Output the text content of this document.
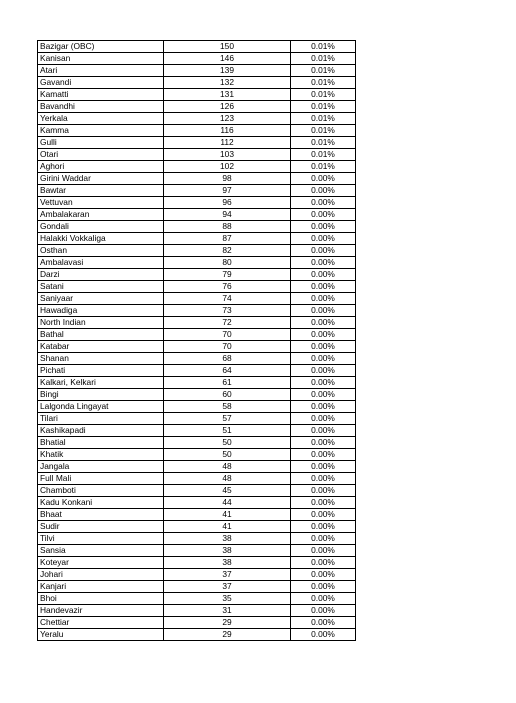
Bazigar (OBC)	150	0.01%
Kanisan	146	0.01%
Atari	139	0.01%
Gavandi	132	0.01%
Kamatti	131	0.01%
Bavandhi	126	0.01%
Yerkala	123	0.01%
Kamma	116	0.01%
Gulli	112	0.01%
Otari	103	0.01%
Aghori	102	0.01%
Girini Waddar	98	0.00%
Bawtar	97	0.00%
Vettuvan	96	0.00%
Ambalakaran	94	0.00%
Gondali	88	0.00%
Halakki Vokkaliga	87	0.00%
Osthan	82	0.00%
Ambalavasi	80	0.00%
Darzi	79	0.00%
Satani	76	0.00%
Saniyaar	74	0.00%
Hawadiga	73	0.00%
North Indian	72	0.00%
Bathal	70	0.00%
Katabar	70	0.00%
Shanan	68	0.00%
Pichati	64	0.00%
Kalkari, Kelkari	61	0.00%
Bingi	60	0.00%
Lalgonda Lingayat	58	0.00%
Tilari	57	0.00%
Kashikapadi	51	0.00%
Bhatial	50	0.00%
Khatik	50	0.00%
Jangala	48	0.00%
Full Mali	48	0.00%
Chamboti	45	0.00%
Kadu Konkani	44	0.00%
Bhaat	41	0.00%
Sudir	41	0.00%
Tilvi	38	0.00%
Sansia	38	0.00%
Koteyar	38	0.00%
Johari	37	0.00%
Kanjari	37	0.00%
Bhoi	35	0.00%
Handevazir	31	0.00%
Chettiar	29	0.00%
Yeralu	29	0.00%
